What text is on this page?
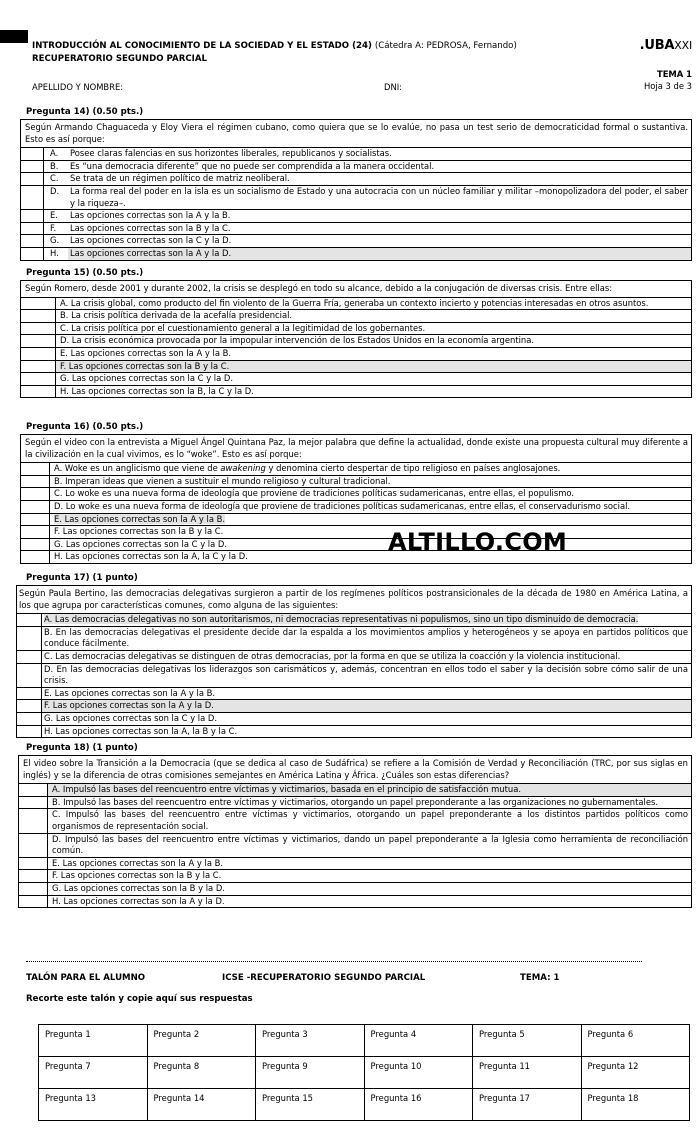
INTRODUCCIÓN AL CONOCIMIENTO DE LA SOCIEDAD Y EL ESTADO (24) (Cátedra A: PEDROSA, Fernando)
RECUPERATORIO SEGUNDO PARCIAL
.UBAXXI
TEMA 1
Hoja 3 de 3
APELLIDO Y NOMBRE:	DNI:
Pregunta 14) (0.50 pts.)
Según Armando Chaguaceda y Eloy Viera el régimen cubano, como quiera que se lo evalúe, no pasa un test serio de democraticidad formal o sustantiva. Esto es así porque:
A.	Posee claras falencias en sus horizontes liberales, republicanos y socialistas.
B.	Es “una democracia diferente” que no puede ser comprendida a la manera occidental.
C.	Se trata de un régimen político de matriz neoliberal.
D.	La forma real del poder en la isla es un socialismo de Estado y una autocracia con un núcleo familiar y militar –monopolizadora del poder, el saber y la riqueza–.
E.	Las opciones correctas son la A y la B.
F.	Las opciones correctas son la B y la C.
G.	Las opciones correctas son la C y la D.
H.	Las opciones correctas son la A y la D.
Pregunta 15) (0.50 pts.)
Según Romero, desde 2001 y durante 2002, la crisis se desplegó en todo su alcance, debido a la conjugación de diversas crisis. Entre ellas:
A. La crisis global, como producto del fin violento de la Guerra Fría, generaba un contexto incierto y potencias interesadas en otros asuntos.
B. La crisis política derivada de la acefalía presidencial.
C. La crisis política por el cuestionamiento general a la legitimidad de los gobernantes.
D. La crisis económica provocada por la impopular intervención de los Estados Unidos en la economía argentina.
E. Las opciones correctas son la A y la B.
F. Las opciones correctas son la B y la C.
G. Las opciones correctas son la C y la D.
H. Las opciones correctas son la B, la C y la D.
Pregunta 16) (0.50 pts.)
Según el video con la entrevista a Miguel Ángel Quintana Paz, la mejor palabra que define la actualidad, donde existe una propuesta cultural muy diferente a la civilización en la cual vivimos, es lo “woke”. Esto es así porque:
A. Woke es un anglicismo que viene de awakening y denomina cierto despertar de tipo religioso en países anglosajones.
B. Imperan ideas que vienen a sustituir el mundo religioso y cultural tradicional.
C. Lo woke es una nueva forma de ideología que proviene de tradiciones políticas sudamericanas, entre ellas, el populismo.
D. Lo woke es una nueva forma de ideología que proviene de tradiciones políticas sudamericanas, entre ellas, el conservadurismo social.
E. Las opciones correctas son la A y la B.
F. Las opciones correctas son la B y la C.
G. Las opciones correctas son la C y la D.
H. Las opciones correctas son la A, la C y la D.
ALTILLO.COM
Pregunta 17) (1 punto)
Según Paula Bertino, las democracias delegativas surgieron a partir de los regímenes políticos postransicionales de la década de 1980 en América Latina, a los que agrupa por características comunes, como alguna de las siguientes:
A. Las democracias delegativas no son autoritarismos, ni democracias representativas ni populismos, sino un tipo disminuido de democracia.
B. En las democracias delegativas el presidente decide dar la espalda a los movimientos amplios y heterogéneos y se apoya en partidos políticos que conduce fácilmente.
C. Las democracias delegativas se distinguen de otras democracias, por la forma en que se utiliza la coacción y la violencia institucional.
D. En las democracias delegativas los liderazgos son carismáticos y, además, concentran en ellos todo el saber y la decisión sobre cómo salir de una crisis.
E. Las opciones correctas son la A y la B.
F. Las opciones correctas son la A y la D.
G. Las opciones correctas son la C y la D.
H. Las opciones correctas son la A, la B y la C.
Pregunta 18) (1 punto)
El video sobre la Transición a la Democracia (que se dedica al caso de Sudáfrica) se refiere a la Comisión de Verdad y Reconciliación (TRC, por sus siglas en inglés) y se la diferencia de otras comisiones semejantes en América Latina y África. ¿Cuáles son estas diferencias?
A. Impulsó las bases del reencuentro entre víctimas y victimarios, basada en el principio de satisfacción mutua.
B. Impulsó las bases del reencuentro entre víctimas y victimarios, otorgando un papel preponderante a las organizaciones no gubernamentales.
C. Impulsó las bases del reencuentro entre víctimas y victimarios, otorgando un papel preponderante a los distintos partidos políticos como organismos de representación social.
D. Impulsó las bases del reencuentro entre víctimas y victimarios, dando un papel preponderante a la Iglesia como herramienta de reconciliación común.
E. Las opciones correctas son la A y la B.
F. Las opciones correctas son la B y la C.
G. Las opciones correctas son la B y la D.
H. Las opciones correctas son la A y la D.
TALÓN PARA EL ALUMNO	ICSE -RECUPERATORIO SEGUNDO PARCIAL	TEMA: 1
Recorte este talón y copie aquí sus respuestas
Pregunta 1	Pregunta 2	Pregunta 3	Pregunta 4	Pregunta 5	Pregunta 6
Pregunta 7	Pregunta 8	Pregunta 9	Pregunta 10	Pregunta 11	Pregunta 12
Pregunta 13	Pregunta 14	Pregunta 15	Pregunta 16	Pregunta 17	Pregunta 18
